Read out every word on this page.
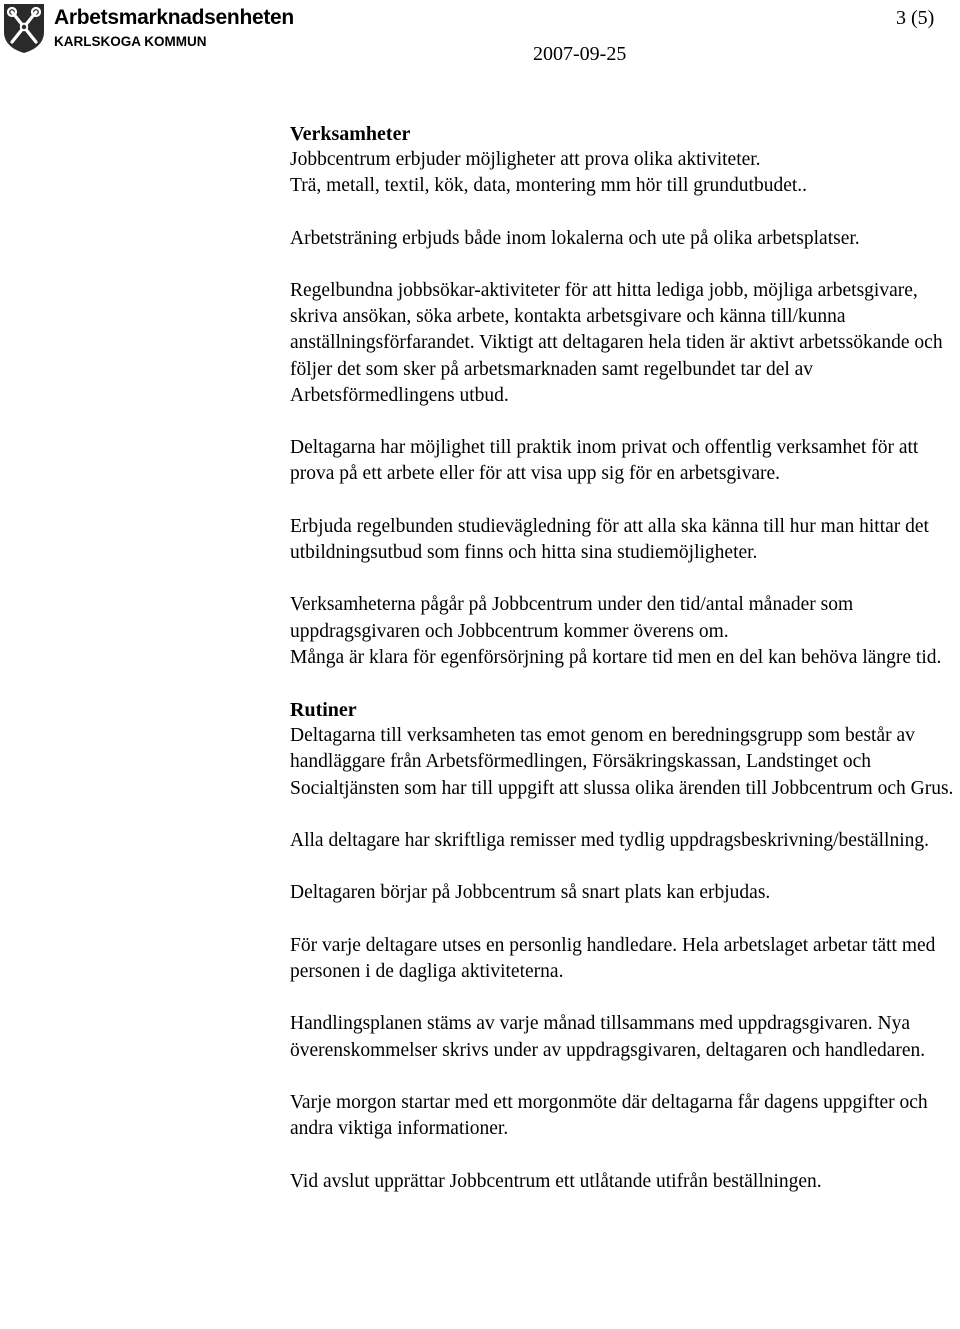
Arbetsmarknadsenheten
KARLSKOGA KOMMUN
3 (5)
2007-09-25

Verksamheter

Jobbcentrum erbjuder möjligheter att prova olika aktiviteter.

Trä, metall, textil, kök, data, montering mm hör till grundutbudet..

Arbetsträning erbjuds både inom lokalerna och ute på olika arbetsplatser.

Regelbundna jobbsökar-aktiviteter för att hitta lediga jobb, möjliga arbetsgivare, skriva ansökan, söka arbete, kontakta arbetsgivare och känna till/kunna anställningsförfarandet. Viktigt att deltagaren hela tiden är aktivt arbetssökande och följer det som sker på arbetsmarknaden samt regelbundet tar del av Arbetsförmedlingens utbud.

Deltagarna har möjlighet till praktik inom privat och offentlig verksamhet för att prova på ett arbete eller för att visa upp sig för en arbetsgivare.

Erbjuda regelbunden studievägledning för att alla ska känna till hur man hittar det utbildningsutbud som finns och hitta sina studiemöjligheter.

Verksamheterna pågår på Jobbcentrum under den tid/antal månader som uppdragsgivaren och Jobbcentrum kommer överens om.

Många är klara för egenförsörjning på kortare tid men en del kan behöva längre tid.

Rutiner

Deltagarna till verksamheten tas emot genom en beredningsgrupp som består av handläggare från Arbetsförmedlingen, Försäkringskassan, Landstinget och Socialtjänsten som har till uppgift att slussa olika ärenden till Jobbcentrum och Grus.

Alla deltagare har skriftliga remisser med tydlig uppdragsbeskrivning/beställning.

Deltagaren börjar på Jobbcentrum så snart plats kan erbjudas.

För varje deltagare utses en personlig handledare. Hela arbetslaget arbetar tätt med personen i de dagliga aktiviteterna.

Handlingsplanen stäms av varje månad tillsammans med uppdragsgivaren. Nya överenskommelser skrivs under av uppdragsgivaren, deltagaren och handledaren.

Varje morgon startar med ett morgonmöte där deltagarna får dagens uppgifter och andra viktiga informationer.

Vid avslut upprättar Jobbcentrum ett utlåtande utifrån beställningen.
